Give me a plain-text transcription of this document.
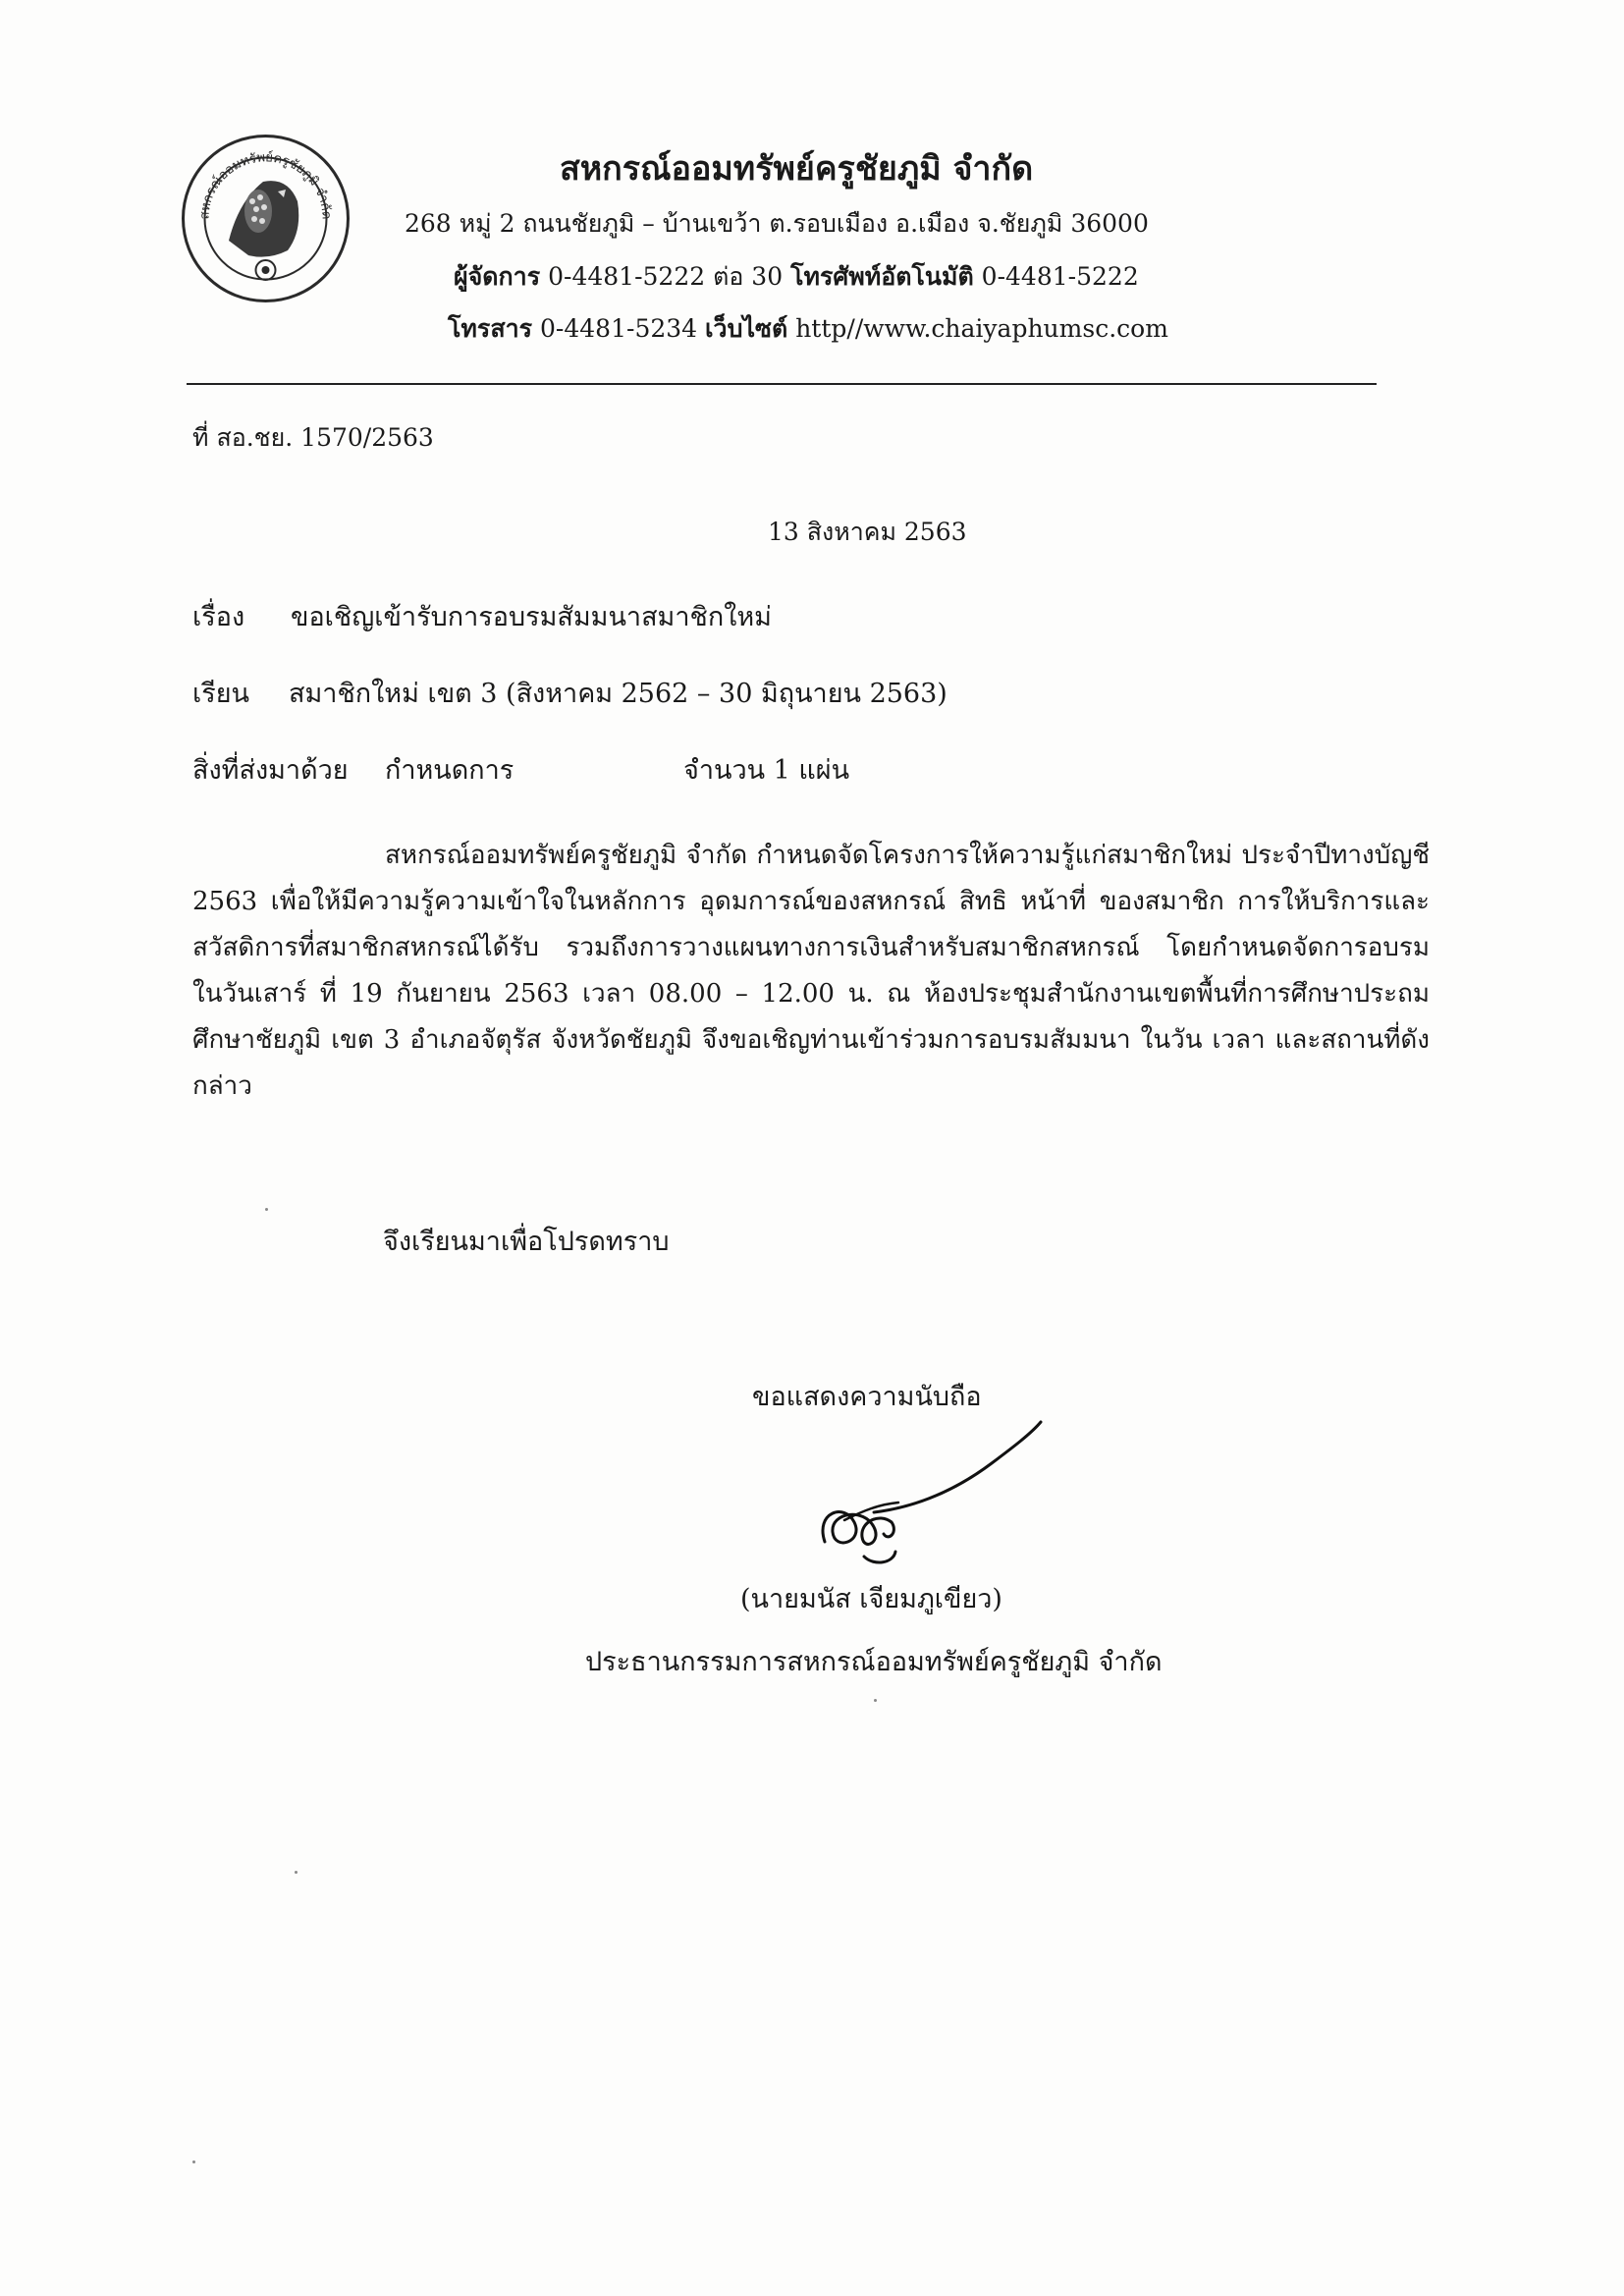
สหกรณ์ออมทรัพย์ครูชัยภูมิ จำกัด
สหกรณ์ออมทรัพย์ครูชัยภูมิ จำกัด
268 หมู่ 2 ถนนชัยภูมิ – บ้านเขว้า ต.รอบเมือง อ.เมือง จ.ชัยภูมิ 36000
ผู้จัดการ 0-4481-5222 ต่อ 30 โทรศัพท์อัตโนมัติ 0-4481-5222
โทรสาร 0-4481-5234 เว็บไซต์ http//www.chaiyaphumsc.com
ที่ สอ.ชย. 1570/2563
13 สิงหาคม 2563
เรื่อง ขอเชิญเข้ารับการอบรมสัมมนาสมาชิกใหม่
เรียน สมาชิกใหม่ เขต 3 (สิงหาคม 2562 – 30 มิถุนายน 2563)
สิ่งที่ส่งมาด้วย กำหนดการ	จำนวน 1 แผ่น
สหกรณ์ออมทรัพย์ครูชัยภูมิ จำกัด กำหนดจัดโครงการให้ความรู้แก่สมาชิกใหม่ ประจำปีทางบัญชี 2563 เพื่อให้มีความรู้ความเข้าใจในหลักการ อุดมการณ์ของสหกรณ์ สิทธิ หน้าที่ ของสมาชิก การให้บริการและสวัสดิการที่สมาชิกสหกรณ์ได้รับ รวมถึงการวางแผนทางการเงินสำหรับสมาชิกสหกรณ์ โดยกำหนดจัดการอบรม ในวันเสาร์ ที่ 19 กันยายน 2563 เวลา 08.00 – 12.00 น. ณ ห้องประชุมสำนักงานเขตพื้นที่การศึกษาประถมศึกษาชัยภูมิ เขต 3 อำเภอจัตุรัส จังหวัดชัยภูมิ จึงขอเชิญท่านเข้าร่วมการอบรมสัมมนา ในวัน เวลา และสถานที่ดังกล่าว
จึงเรียนมาเพื่อโปรดทราบ
ขอแสดงความนับถือ
(นายมนัส เจียมภูเขียว)
ประธานกรรมการสหกรณ์ออมทรัพย์ครูชัยภูมิ จำกัด
